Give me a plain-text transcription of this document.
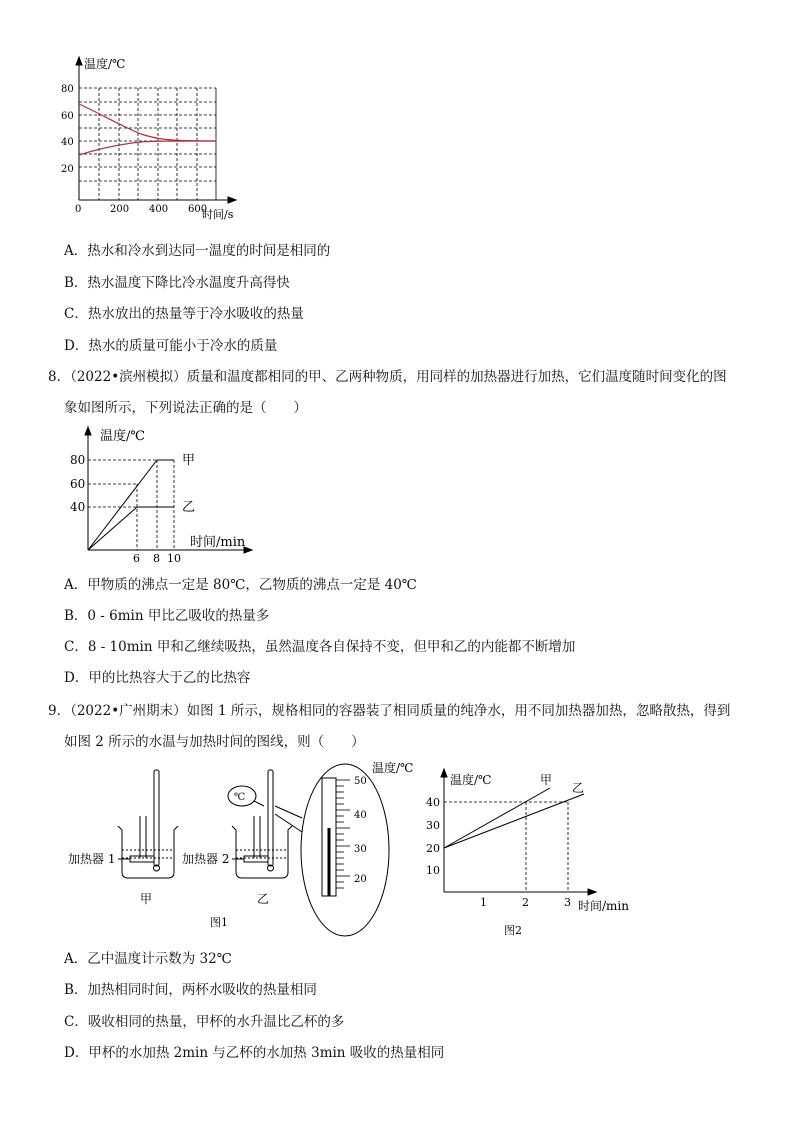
温度/℃
80
60
40
20
0	200 400 600
时间/s
A．热水和冷水到达同一温度的时间是相同的
B．热水温度下降比冷水温度升高得快
C．热水放出的热量等于冷水吸收的热量
D．热水的质量可能小于冷水的质量
8．（2022•滨州模拟）质量和温度都相同的甲、乙两种物质，用同样的加热器进行加热，它们温度随时间变化的图
象如图所示，下列说法正确的是（　　）
温度/℃
80
60
40
6 8 10
甲
乙
时间/min
A．甲物质的沸点一定是 80℃，乙物质的沸点一定是 40℃
B．0 - 6min 甲比乙吸收的热量多
C．8 - 10min 甲和乙继续吸热，虽然温度各自保持不变，但甲和乙的内能都不断增加
D．甲的比热容大于乙的比热容
9．（2022•广州期末）如图 1 所示，规格相同的容器装了相同质量的纯净水，用不同加热器加热，忽略散热，得到
如图 2 所示的水温与加热时间的图线，则（　　）
加热器 1
甲
℃
加热器 2
乙
50
40
30
20
温度/℃
图1
温度/℃
40
30
20
10
1	2	3 时间/min
甲
乙
图2
A．乙中温度计示数为 32℃
B．加热相同时间，两杯水吸收的热量相同
C．吸收相同的热量，甲杯的水升温比乙杯的多
D．甲杯的水加热 2min 与乙杯的水加热 3min 吸收的热量相同
